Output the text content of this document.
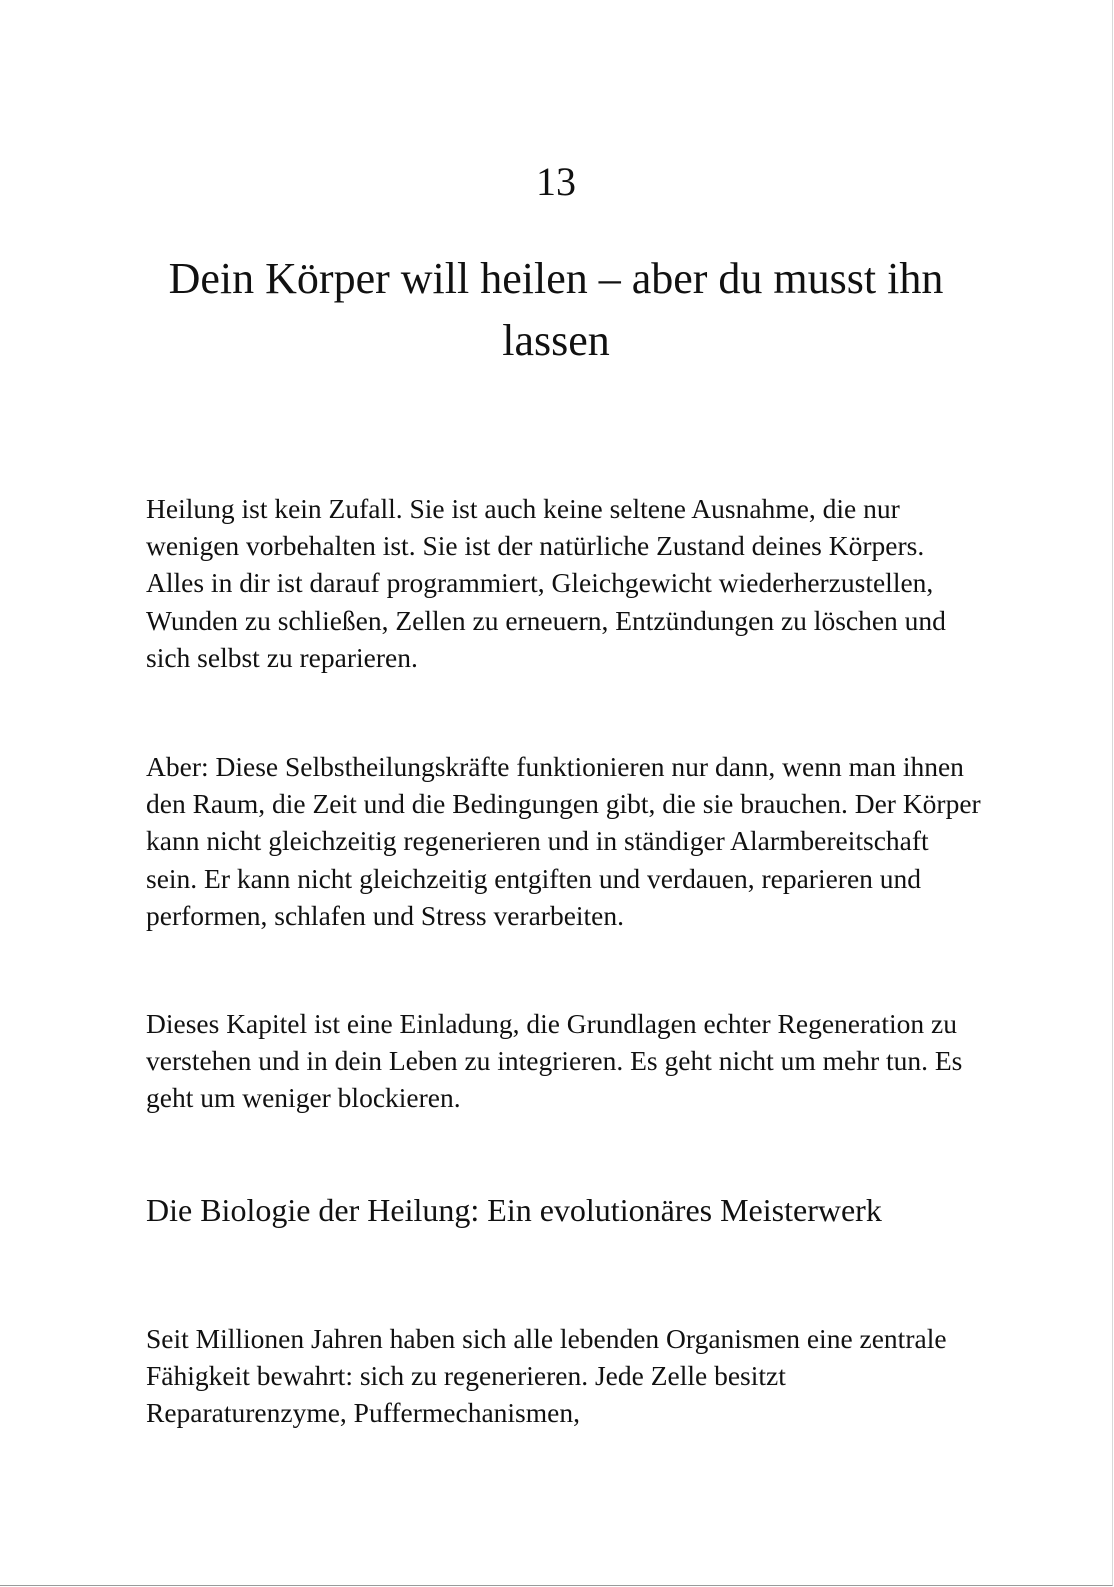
13
Dein Körper will heilen – aber du musst ihn lassen

Heilung ist kein Zufall. Sie ist auch keine seltene Ausnahme, die nur wenigen vorbehalten ist. Sie ist der natürliche Zustand deines Körpers. Alles in dir ist darauf programmiert, Gleichgewicht wiederherzustellen, Wunden zu schließen, Zellen zu erneuern, Entzündungen zu löschen und sich selbst zu reparieren.

Aber: Diese Selbstheilungskräfte funktionieren nur dann, wenn man ihnen den Raum, die Zeit und die Bedingungen gibt, die sie brauchen. Der Körper kann nicht gleichzeitig regenerieren und in ständiger Alarmbereitschaft sein. Er kann nicht gleichzeitig entgiften und verdauen, reparieren und performen, schlafen und Stress verarbeiten.

Dieses Kapitel ist eine Einladung, die Grundlagen echter Regeneration zu verstehen und in dein Leben zu integrieren. Es geht nicht um mehr tun. Es geht um weniger blockieren.

Die Biologie der Heilung: Ein evolutionäres Meisterwerk

Seit Millionen Jahren haben sich alle lebenden Organismen eine zentrale Fähigkeit bewahrt: sich zu regenerieren. Jede Zelle besitzt Reparaturenzyme, Puffermechanismen,
